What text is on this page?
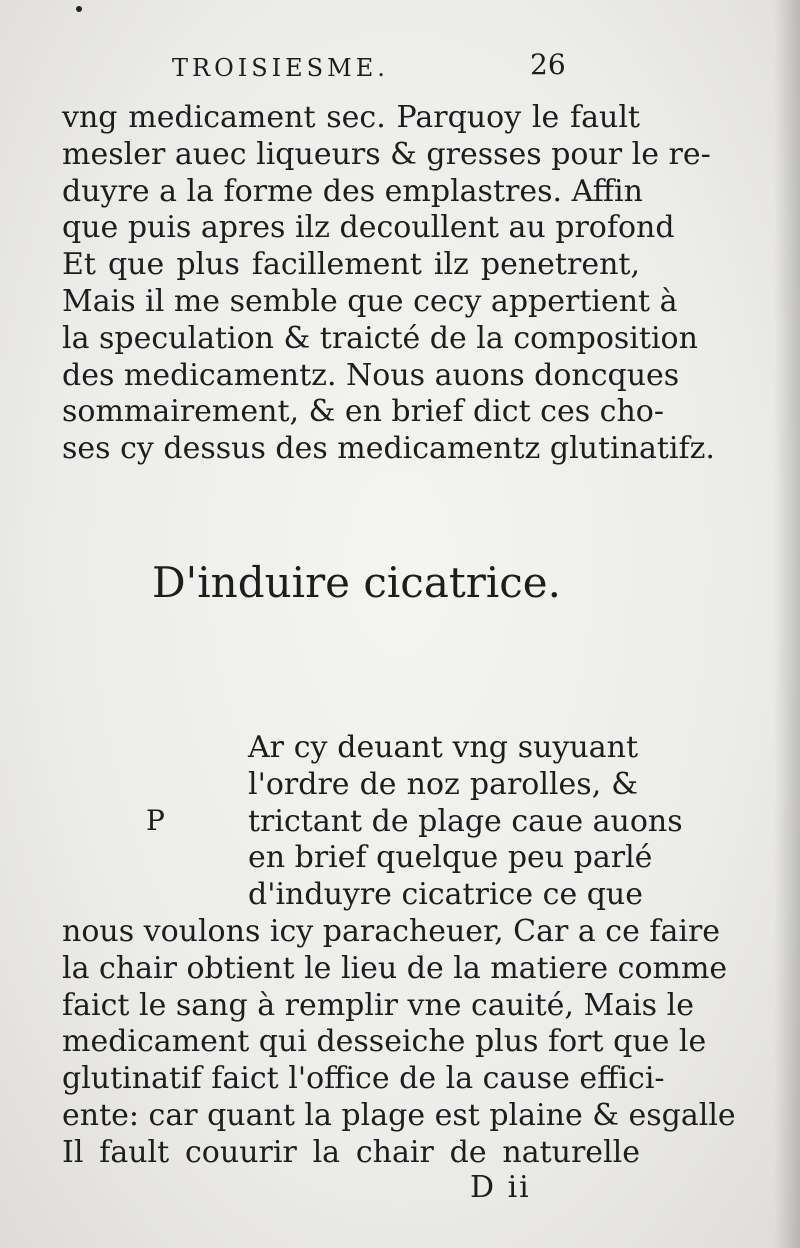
TROISIESME.	26
vng medicament sec. Parquoy le fault
mesler auec liqueurs & gresses pour le re-
duyre a la forme des emplastres. Affin
que puis apres ilz decoullent au profond
Et que plus facillement ilz penetrent,
Mais il me semble que cecy appertient à
la speculation & traicté de la composition
des medicamentz. Nous auons doncques
sommairement, & en brief dict ces cho-
ses cy dessus des medicamentz glutinatifz.
D'induire cicatrice.
P
Ar cy deuant vng suyuant
l'ordre de noz parolles, &
trictant de plage caue auons
en brief quelque peu parlé
d'induyre cicatrice ce que
nous voulons icy paracheuer, Car a ce faire
la chair obtient le lieu de la matiere comme
faict le sang à remplir vne cauité, Mais le
medicament qui desseiche plus fort que le
glutinatif faict l'office de la cause effici-
ente: car quant la plage est plaine & esgalle
Il fault couurir la chair de naturelle
D ii
